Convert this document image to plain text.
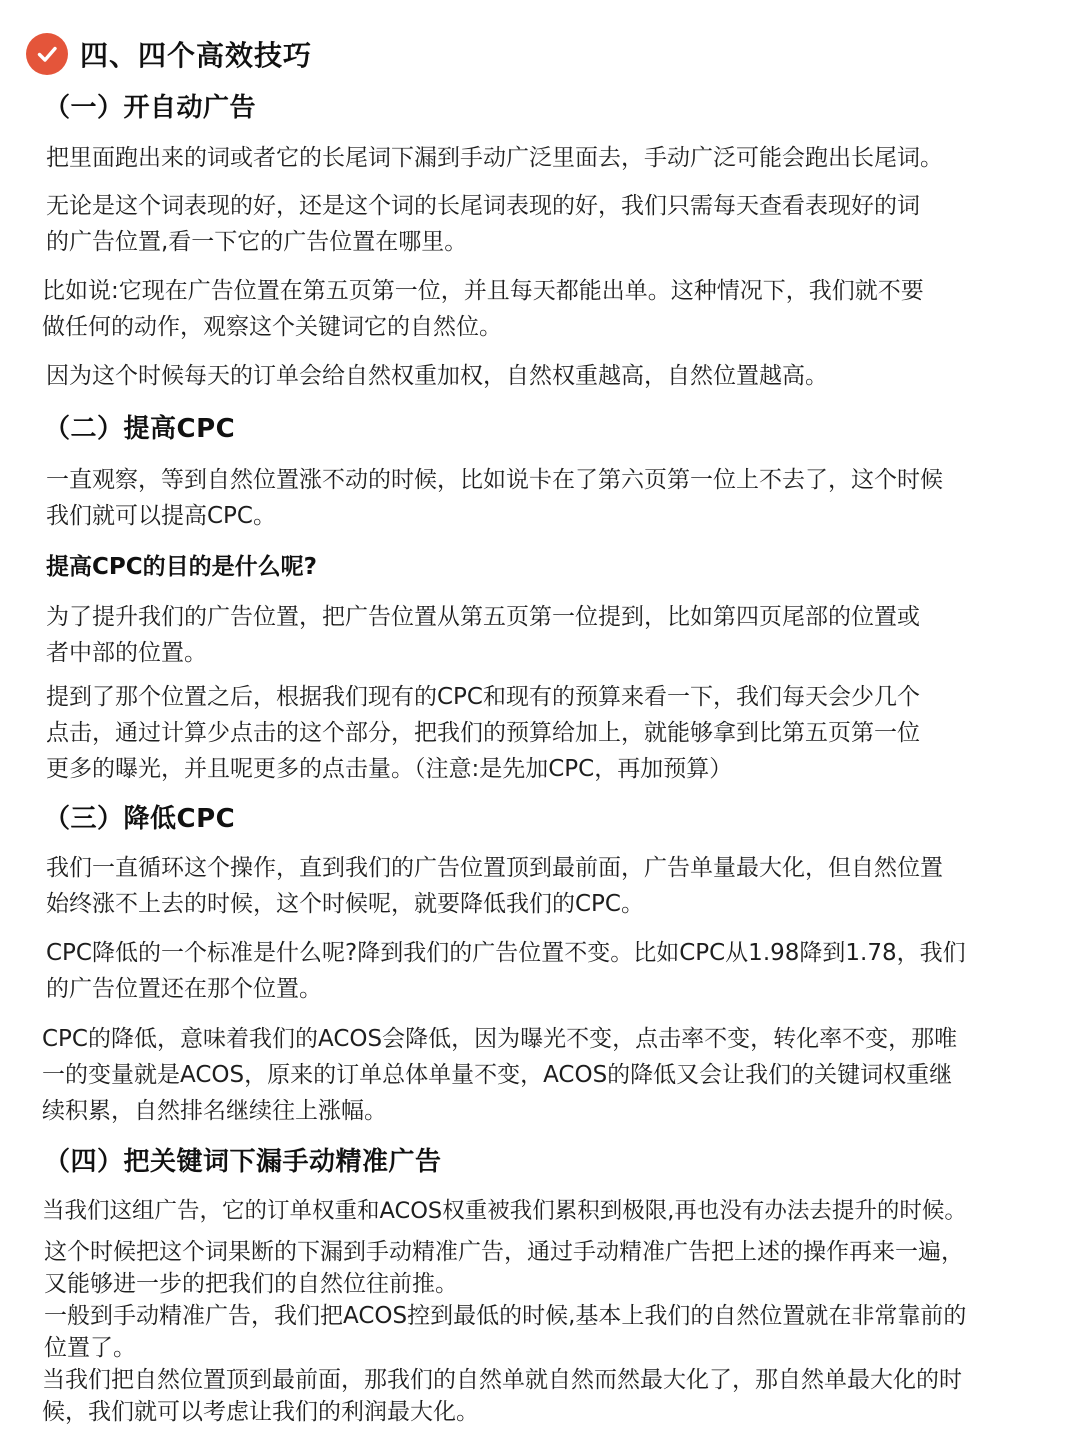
四、四个高效技巧
（一）开自动广告
把里面跑出来的词或者它的长尾词下漏到手动广泛里面去，手动广泛可能会跑出长尾词。
无论是这个词表现的好，还是这个词的长尾词表现的好，我们只需每天查看表现好的词
的广告位置,看一下它的广告位置在哪里。
比如说:它现在广告位置在第五页第一位，并且每天都能出单。这种情况下，我们就不要
做任何的动作，观察这个关键词它的自然位。
因为这个时候每天的订单会给自然权重加权，自然权重越高，自然位置越高。
（二）提高CPC
一直观察，等到自然位置涨不动的时候，比如说卡在了第六页第一位上不去了，这个时候
我们就可以提高CPC。
提高CPC的目的是什么呢?
为了提升我们的广告位置，把广告位置从第五页第一位提到，比如第四页尾部的位置或
者中部的位置。
提到了那个位置之后，根据我们现有的CPC和现有的预算来看一下，我们每天会少几个
点击，通过计算少点击的这个部分，把我们的预算给加上，就能够拿到比第五页第一位
更多的曝光，并且呢更多的点击量。（注意:是先加CPC，再加预算）
（三）降低CPC
我们一直循环这个操作，直到我们的广告位置顶到最前面，广告单量最大化，但自然位置
始终涨不上去的时候，这个时候呢，就要降低我们的CPC。
CPC降低的一个标准是什么呢?降到我们的广告位置不变。比如CPC从1.98降到1.78，我们
的广告位置还在那个位置。
CPC的降低，意味着我们的ACOS会降低，因为曝光不变，点击率不变，转化率不变，那唯
一的变量就是ACOS，原来的订单总体单量不变，ACOS的降低又会让我们的关键词权重继
续积累，自然排名继续往上涨幅。
（四）把关键词下漏手动精准广告
当我们这组广告，它的订单权重和ACOS权重被我们累积到极限,再也没有办法去提升的时候。
这个时候把这个词果断的下漏到手动精准广告，通过手动精准广告把上述的操作再来一遍，
又能够进一步的把我们的自然位往前推。
一般到手动精准广告，我们把ACOS控到最低的时候,基本上我们的自然位置就在非常靠前的
位置了。
当我们把自然位置顶到最前面，那我们的自然单就自然而然最大化了，那自然单最大化的时
候，我们就可以考虑让我们的利润最大化。
